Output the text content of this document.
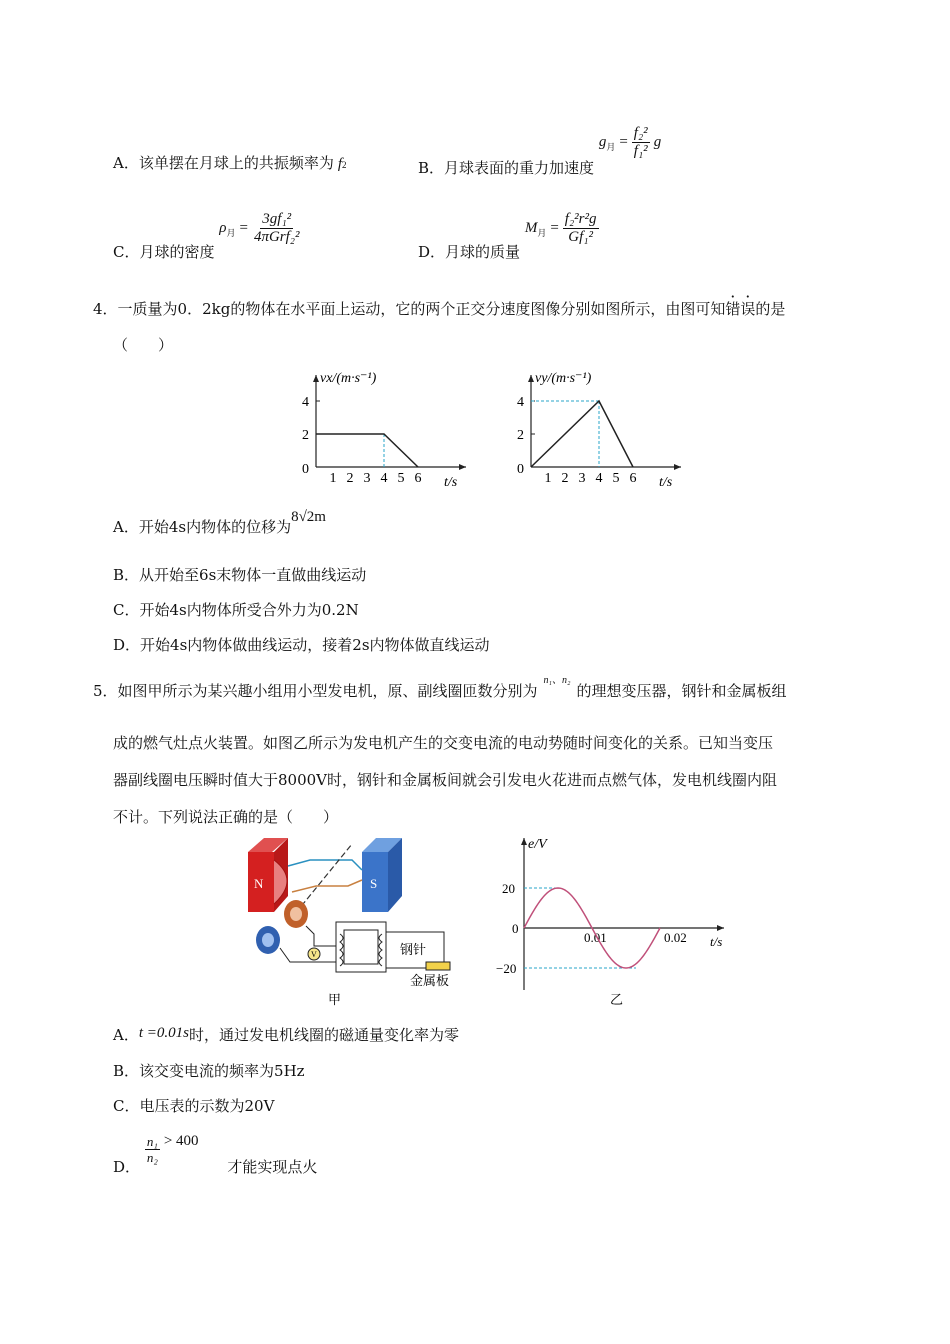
A．该单摆在月球上的共振频率为 f2	B．月球表面的重力加速度
g 月 = $\frac{\text{f₂²}}{\text{f₁²}}$ g
C．月球的密度
ρ 月 = $\frac{\text{3gf₁²}}{\text{4πGrf₂²}}$
D．月球的质量
M 月 = $\frac{\text{f₂²r²g}}{\text{Gf₁²}}$
4．一质量为0．2kg的物体在水平面上运动，它的两个正交分速度图像分别如图所示，由图可知错误的是
（　　）
vx/(m·s⁻¹)
t/s
1 2 3 4 5 6
0
2
4
vy/(m·s⁻¹)
t/s
1 2 3 4 5 6
0
2
4
A．开始4s内物体的位移为8√2m
B．从开始至6s末物体一直做曲线运动
C．开始4s内物体所受合外力为0.2N
D．开始4s内物体做曲线运动，接着2s内物体做直线运动
5．如图甲所示为某兴趣小组用小型发电机，原、副线圈匝数分别为$^{n_1、n_2}$的理想变压器，钢针和金属板组
成的燃气灶点火装置。如图乙所示为发电机产生的交变电流的电动势随时间变化的关系。已知当变压
器副线圈电压瞬时值大于8000V时，钢针和金属板间就会引发电火花进而点燃气体，发电机线圈内阻
不计。下列说法正确的是（　　）
N	S
V	钢针
金属板
甲
e/V
t/s
乙
20
0
−20
0.01	0.02
A．t =0.01s时，通过发电机线圈的磁通量变化率为零
B．该交变电流的频率为5Hz
C．电压表的示数为20V
D．
$\frac{\text{n₁}}{\text{n₂}} > 400$
才能实现点火
